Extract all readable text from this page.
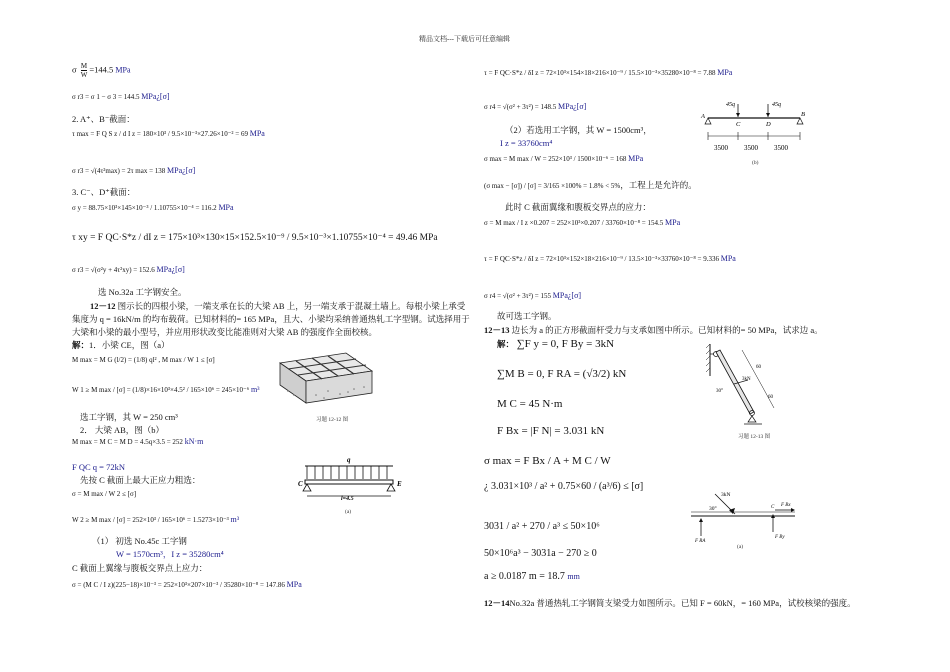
精品文档---下载后可任意编辑
σ $\frac{M}{W} =144.5$ MPa
σ r3 = σ 1 − σ 3 = 144.5 MPa¿[σ]
2. A⁺、B⁻截面：
τ max = F Q S z / d I z = 180×10³ / 9.5×10⁻³×27.26×10⁻² = 69 MPa
σ r3 = √(4τ²max) = 2τ max = 138 MPa¿[σ]
3. C⁻、D⁺截面：
σ y = 88.75×10³×145×10⁻³ / 1.10755×10⁻⁴ = 116.2 MPa
τ xy = F QC·S*z / dI z = 175×10³×130×15×152.5×10⁻⁹ / 9.5×10⁻³×1.10755×10⁻⁴ = 49.46 MPa
σ r3 = √(σ²y + 4τ²xy) = 152.6 MPa¿[σ]
选 No.32a 工字钢安全。
12－12 图示长的四根小梁，一端支承在长的大梁 AB 上，另一端支承于混凝土墙上。每根小梁上承受
集度为 q = 16kN/m 的均布载荷。已知材料的= 165 MPa，且大、小梁均采纳普通热轧工字型钢。试选择用于
大梁和小梁的最小型号，并应用形状改变比能准则对大梁 AB 的强度作全面校核。
解：1．小梁 CE，图（a）
M max = M G (l/2) = (1/8) ql² , M max / W 1 ≤ [σ]
W 1 ≥ M max / [σ] = (1/8)×16×10³×4.5² / 165×10⁶ = 245×10⁻⁶ m³
选工字钢，其 W = 250 cm³
2． 大梁 AB，图（b）
M max = M C = M D = 4.5q×3.5 = 252 kN·m
F QC q = 72kN
先按 C 截面上最大正应力粗选：
σ = M max / W 2 ≤ [σ]
W 2 ≥ M max / [σ] = 252×10³ / 165×10⁶ = 1.5273×10⁻³ m³
（1） 初选 No.45c 工字钢
W = 1570cm³，I z = 35280cm⁴
C 截面上翼缘与腹板交界点上应力：
σ = (M C / I z)(225−18)×10⁻³ = 252×10³×207×10⁻³ / 35280×10⁻⁸ = 147.86 MPa
习题 12-12 图
q
C	E
l=4.5
(a)
τ = F QC·S*z / δI z = 72×10³×154×18×216×10⁻⁹ / 15.5×10⁻³×35280×10⁻⁸ = 7.88 MPa
σ r4 = √(σ² + 3τ²) = 148.5 MPa¿[σ]
（2）若选用工字钢，其 W = 1500cm³，
I z = 33760cm⁴
σ max = M max / W = 252×10³ / 1500×10⁻⁶ = 168 MPa
(σ max − [σ]) / [σ] = 3/165 ×100% = 1.8% < 5%，工程上是允许的。
此时 C 截面翼缘和腹板交界点的应力：
σ = M max / I z ×0.207 = 252×10³×0.207 / 33760×10⁻⁸ = 154.5 MPa
τ = F QC·S*z / δI z = 72×10³×152×18×216×10⁻⁹ / 13.5×10⁻³×33760×10⁻⁸ = 9.336 MPa
σ r4 = √(σ² + 3τ²) = 155 MPa¿[σ]
故可选工字钢。
12－13 边长为 a 的正方形截面杆受力与支承如图中所示。已知材料的= 50 MPa，试求边 a。
解： ∑F y = 0, F By = 3kN
∑M B = 0, F RA = (√3/2) kN
M C = 45 N·m
F Bx = |F N| = 3.031 kN
σ max = F Bx / A + M C / W
¿ 3.031×10³ / a² + 0.75×60 / (a³/6) ≤ [σ]
3031 / a² + 270 / a³ ≤ 50×10⁶
50×10⁶a³ − 3031a − 270 ≥ 0
a ≥ 0.0187 m = 18.7 mm
12－14No.32a 普通热轧工字钢简支梁受力如图所示。已知 F = 60kN，= 160 MPa，试校核梁的强度。
45q	45q
A
C	D
B
3500 3500 3500
(b)
3kN
30°
60
60
习题 12-13 图
3kN
30°
F Bx
F By
F RA
C
(a)
